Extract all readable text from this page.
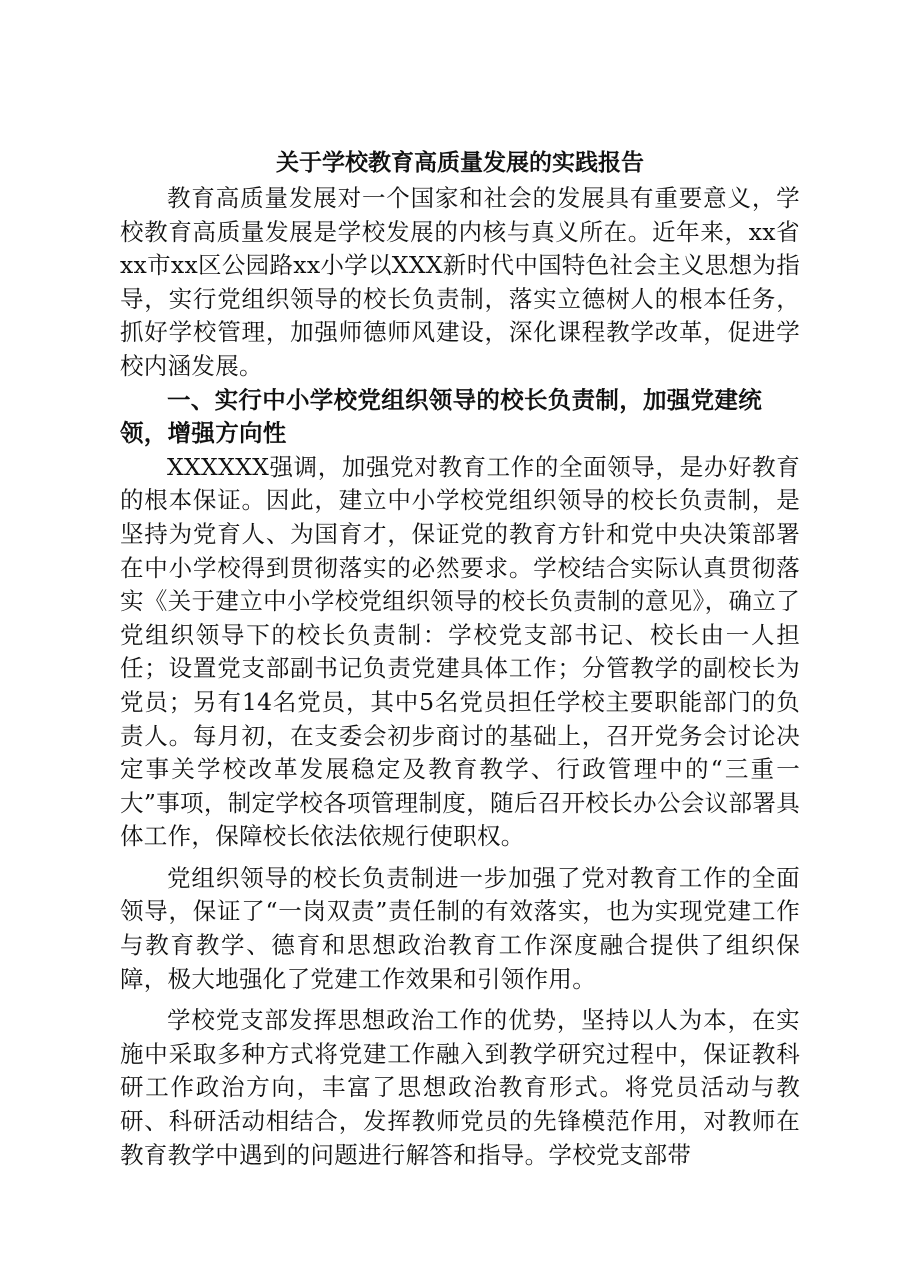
关于学校教育高质量发展的实践报告

教育高质量发展对一个国家和社会的发展具有重要意义，学校教育高质量发展是学校发展的内核与真义所在。近年来，xx省xx市xx区公园路xx小学以XXX新时代中国特色社会主义思想为指导，实行党组织领导的校长负责制，落实立德树人的根本任务，抓好学校管理，加强师德师风建设，深化课程教学改革，促进学校内涵发展。

一、实行中小学校党组织领导的校长负责制，加强党建统领，增强方向性

XXXXXX强调，加强党对教育工作的全面领导，是办好教育的根本保证。因此，建立中小学校党组织领导的校长负责制，是坚持为党育人、为国育才，保证党的教育方针和党中央决策部署在中小学校得到贯彻落实的必然要求。学校结合实际认真贯彻落实《关于建立中小学校党组织领导的校长负责制的意见》，确立了党组织领导下的校长负责制：学校党支部书记、校长由一人担任；设置党支部副书记负责党建具体工作；分管教学的副校长为党员；另有14名党员，其中5名党员担任学校主要职能部门的负责人。每月初，在支委会初步商讨的基础上，召开党务会讨论决定事关学校改革发展稳定及教育教学、行政管理中的“三重一大”事项，制定学校各项管理制度，随后召开校长办公会议部署具体工作，保障校长依法依规行使职权。

党组织领导的校长负责制进一步加强了党对教育工作的全面领导，保证了“一岗双责”责任制的有效落实，也为实现党建工作与教育教学、德育和思想政治教育工作深度融合提供了组织保障，极大地强化了党建工作效果和引领作用。

学校党支部发挥思想政治工作的优势，坚持以人为本，在实施中采取多种方式将党建工作融入到教学研究过程中，保证教科研工作政治方向，丰富了思想政治教育形式。将党员活动与教研、科研活动相结合，发挥教师党员的先锋模范作用，对教师在教育教学中遇到的问题进行解答和指导。学校党支部带
